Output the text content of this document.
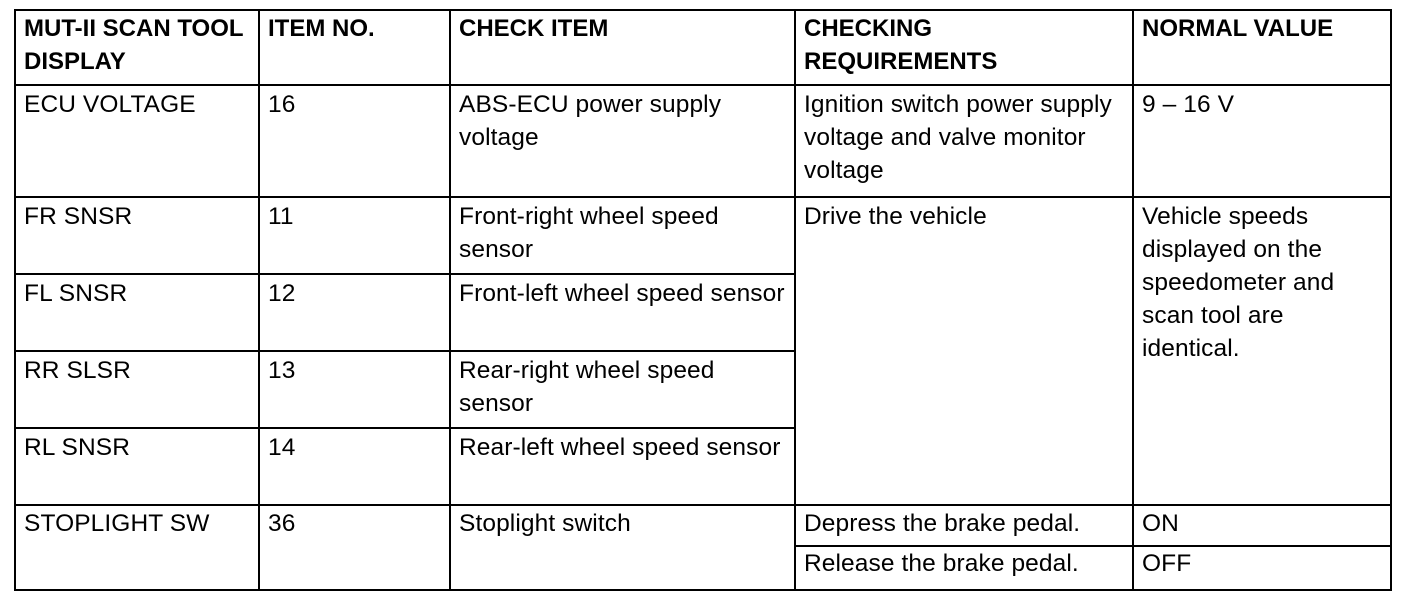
MUT-II SCAN TOOL DISPLAY	ITEM NO.	CHECK ITEM	CHECKING REQUIREMENTS	NORMAL VALUE
ECU VOLTAGE	16	ABS-ECU power supply voltage	Ignition switch power supply voltage and valve monitor voltage	9 – 16 V
FR SNSR	11	Front-right wheel speed sensor	Drive the vehicle	Vehicle speeds displayed on the speedometer and scan tool are identical.
FL SNSR	12	Front-left wheel speed sensor		
RR SLSR	13	Rear-right wheel speed sensor		
RL SNSR	14	Rear-left wheel speed sensor		
STOPLIGHT SW	36	Stoplight switch	Depress the brake pedal.	ON
			Release the brake pedal.	OFF
